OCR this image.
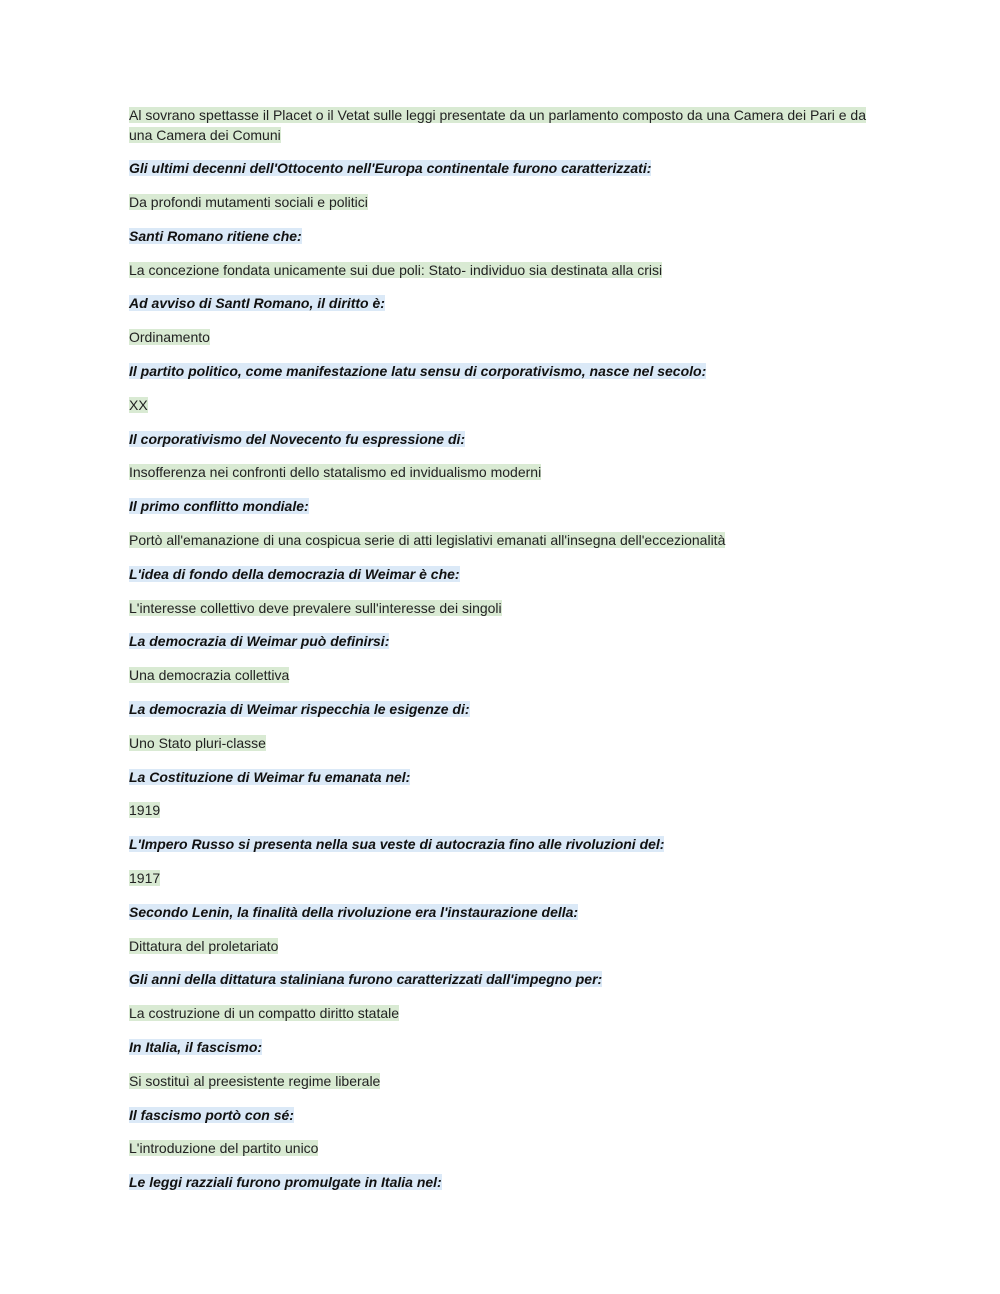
Al sovrano spettasse il Placet o il Vetat sulle leggi presentate da un parlamento composto da una Camera dei Pari e da una Camera dei Comuni
Gli ultimi decenni dell'Ottocento nell'Europa continentale furono caratterizzati:
Da profondi mutamenti sociali e politici
Santi Romano ritiene che:
La concezione fondata unicamente sui due poli: Stato- individuo sia destinata alla crisi
Ad avviso di SantI Romano, il diritto è:
Ordinamento
Il partito politico, come manifestazione latu sensu di corporativismo, nasce nel secolo:
XX
Il corporativismo del Novecento fu espressione di:
Insofferenza nei confronti dello statalismo ed invidualismo moderni
Il primo conflitto mondiale:
Portò all'emanazione di una cospicua serie di atti legislativi emanati all'insegna dell'eccezionalità
L'idea di fondo della democrazia di Weimar è che:
L'interesse collettivo deve prevalere sull'interesse dei singoli
La democrazia di Weimar può definirsi:
Una democrazia collettiva
La democrazia di Weimar rispecchia le esigenze di:
Uno Stato pluri-classe
La Costituzione di Weimar fu emanata nel:
1919
L'Impero Russo si presenta nella sua veste di autocrazia fino alle rivoluzioni del:
1917
Secondo Lenin, la finalità della rivoluzione era l'instaurazione della:
Dittatura del proletariato
Gli anni della dittatura staliniana furono caratterizzati dall'impegno per:
La costruzione di un compatto diritto statale
In Italia, il fascismo:
Si sostituì al preesistente regime liberale
Il fascismo portò con sé:
L'introduzione del partito unico
Le leggi razziali furono promulgate in Italia nel:
